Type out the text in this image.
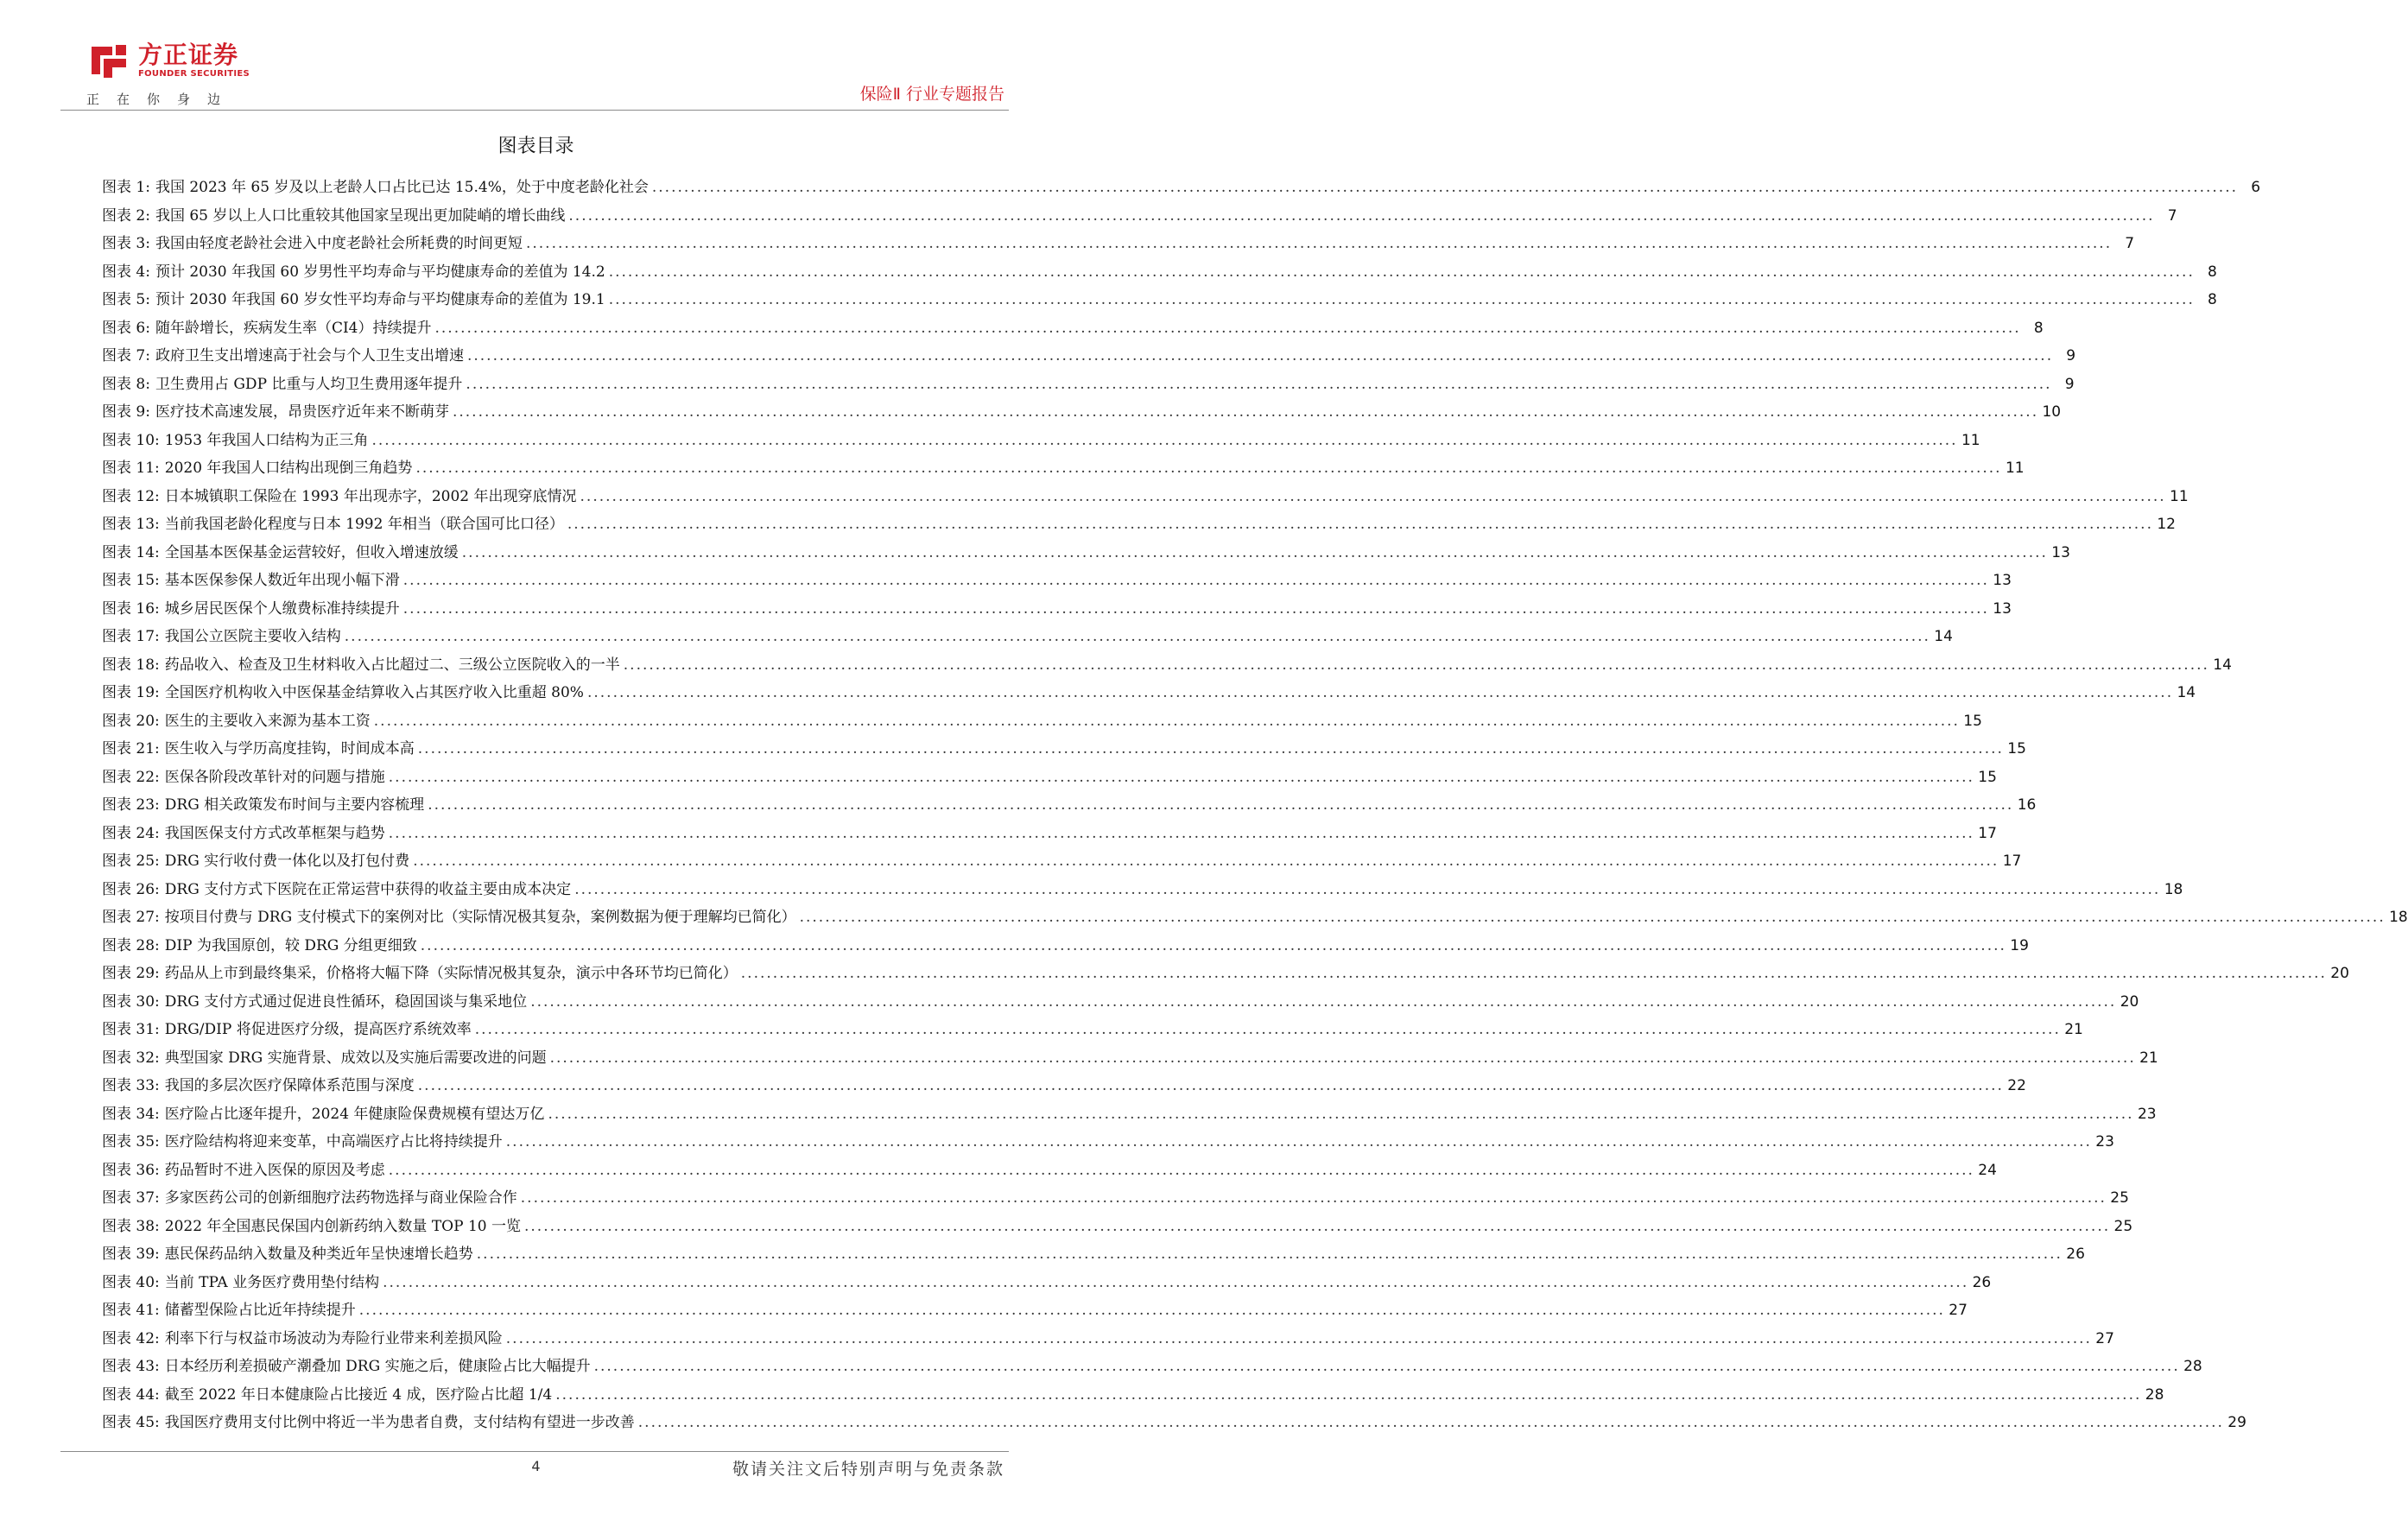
方正证券
FOUNDER SECURITIES
正在你身边	保险Ⅱ 行业专题报告
图表目录
图表 1: 我国 2023 年 65 岁及以上老龄人口占比已达 15.4%，处于中度老龄化社会 .....	6
图表 2: 我国 65 岁以上人口比重较其他国家呈现出更加陡峭的增长曲线 .....	7
图表 3: 我国由轻度老龄社会进入中度老龄社会所耗费的时间更短 .....	7
图表 4: 预计 2030 年我国 60 岁男性平均寿命与平均健康寿命的差值为 14.2 .....	8
图表 5: 预计 2030 年我国 60 岁女性平均寿命与平均健康寿命的差值为 19.1 .....	8
图表 6: 随年龄增长，疾病发生率（CI4）持续提升 .....	8
图表 7: 政府卫生支出增速高于社会与个人卫生支出增速 .....	9
图表 8: 卫生费用占 GDP 比重与人均卫生费用逐年提升 .....	9
图表 9: 医疗技术高速发展，昂贵医疗近年来不断萌芽 .....	10
图表 10: 1953 年我国人口结构为正三角 .....	11
图表 11: 2020 年我国人口结构出现倒三角趋势 .....	11
图表 12: 日本城镇职工保险在 1993 年出现赤字，2002 年出现穿底情况 .....	11
图表 13: 当前我国老龄化程度与日本 1992 年相当（联合国可比口径） .....	12
图表 14: 全国基本医保基金运营较好，但收入增速放缓 .....	13
图表 15: 基本医保参保人数近年出现小幅下滑 .....	13
图表 16: 城乡居民医保个人缴费标准持续提升 .....	13
图表 17: 我国公立医院主要收入结构 .....	14
图表 18: 药品收入、检查及卫生材料收入占比超过二、三级公立医院收入的一半 .....	14
图表 19: 全国医疗机构收入中医保基金结算收入占其医疗收入比重超 80% .....	14
图表 20: 医生的主要收入来源为基本工资 .....	15
图表 21: 医生收入与学历高度挂钩，时间成本高 .....	15
图表 22: 医保各阶段改革针对的问题与措施 .....	15
图表 23: DRG 相关政策发布时间与主要内容梳理 .....	16
图表 24: 我国医保支付方式改革框架与趋势 .....	17
图表 25: DRG 实行收付费一体化以及打包付费 .....	17
图表 26: DRG 支付方式下医院在正常运营中获得的收益主要由成本决定 .....	18
图表 27: 按项目付费与 DRG 支付模式下的案例对比（实际情况极其复杂，案例数据为便于理解均已简化） .....	18
图表 28: DIP 为我国原创，较 DRG 分组更细致 .....	19
图表 29: 药品从上市到最终集采，价格将大幅下降（实际情况极其复杂，演示中各环节均已简化） .....	20
图表 30: DRG 支付方式通过促进良性循环，稳固国谈与集采地位 .....	20
图表 31: DRG/DIP 将促进医疗分级，提高医疗系统效率 .....	21
图表 32: 典型国家 DRG 实施背景、成效以及实施后需要改进的问题 .....	21
图表 33: 我国的多层次医疗保障体系范围与深度 .....	22
图表 34: 医疗险占比逐年提升，2024 年健康险保费规模有望达万亿 .....	23
图表 35: 医疗险结构将迎来变革，中高端医疗占比将持续提升 .....	23
图表 36: 药品暂时不进入医保的原因及考虑 .....	24
图表 37: 多家医药公司的创新细胞疗法药物选择与商业保险合作 .....	25
图表 38: 2022 年全国惠民保国内创新药纳入数量 TOP 10 一览 .....	25
图表 39: 惠民保药品纳入数量及种类近年呈快速增长趋势 .....	26
图表 40: 当前 TPA 业务医疗费用垫付结构 .....	26
图表 41: 储蓄型保险占比近年持续提升 .....	27
图表 42: 利率下行与权益市场波动为寿险行业带来利差损风险 .....	27
图表 43: 日本经历利差损破产潮叠加 DRG 实施之后，健康险占比大幅提升 .....	28
图表 44: 截至 2022 年日本健康险占比接近 4 成，医疗险占比超 1/4 .....	28
图表 45: 我国医疗费用支付比例中将近一半为患者自费，支付结构有望进一步改善 .....	29
4	敬请关注文后特别声明与免责条款
